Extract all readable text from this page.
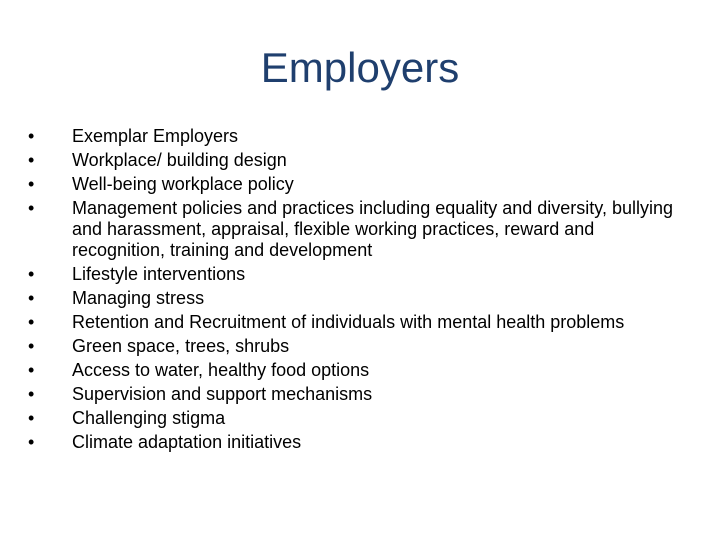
Employers
•	Exemplar Employers
•	Workplace/ building design
•	Well-being workplace policy
•	Management policies and practices including equality and diversity, bullying and harassment, appraisal, flexible working practices, reward and recognition, training and development
•	Lifestyle interventions
•	Managing stress
•	Retention and Recruitment of individuals with mental health problems
•	Green space, trees, shrubs
•	Access to water, healthy food options
•	Supervision and support mechanisms
•	Challenging stigma
•	Climate adaptation initiatives
